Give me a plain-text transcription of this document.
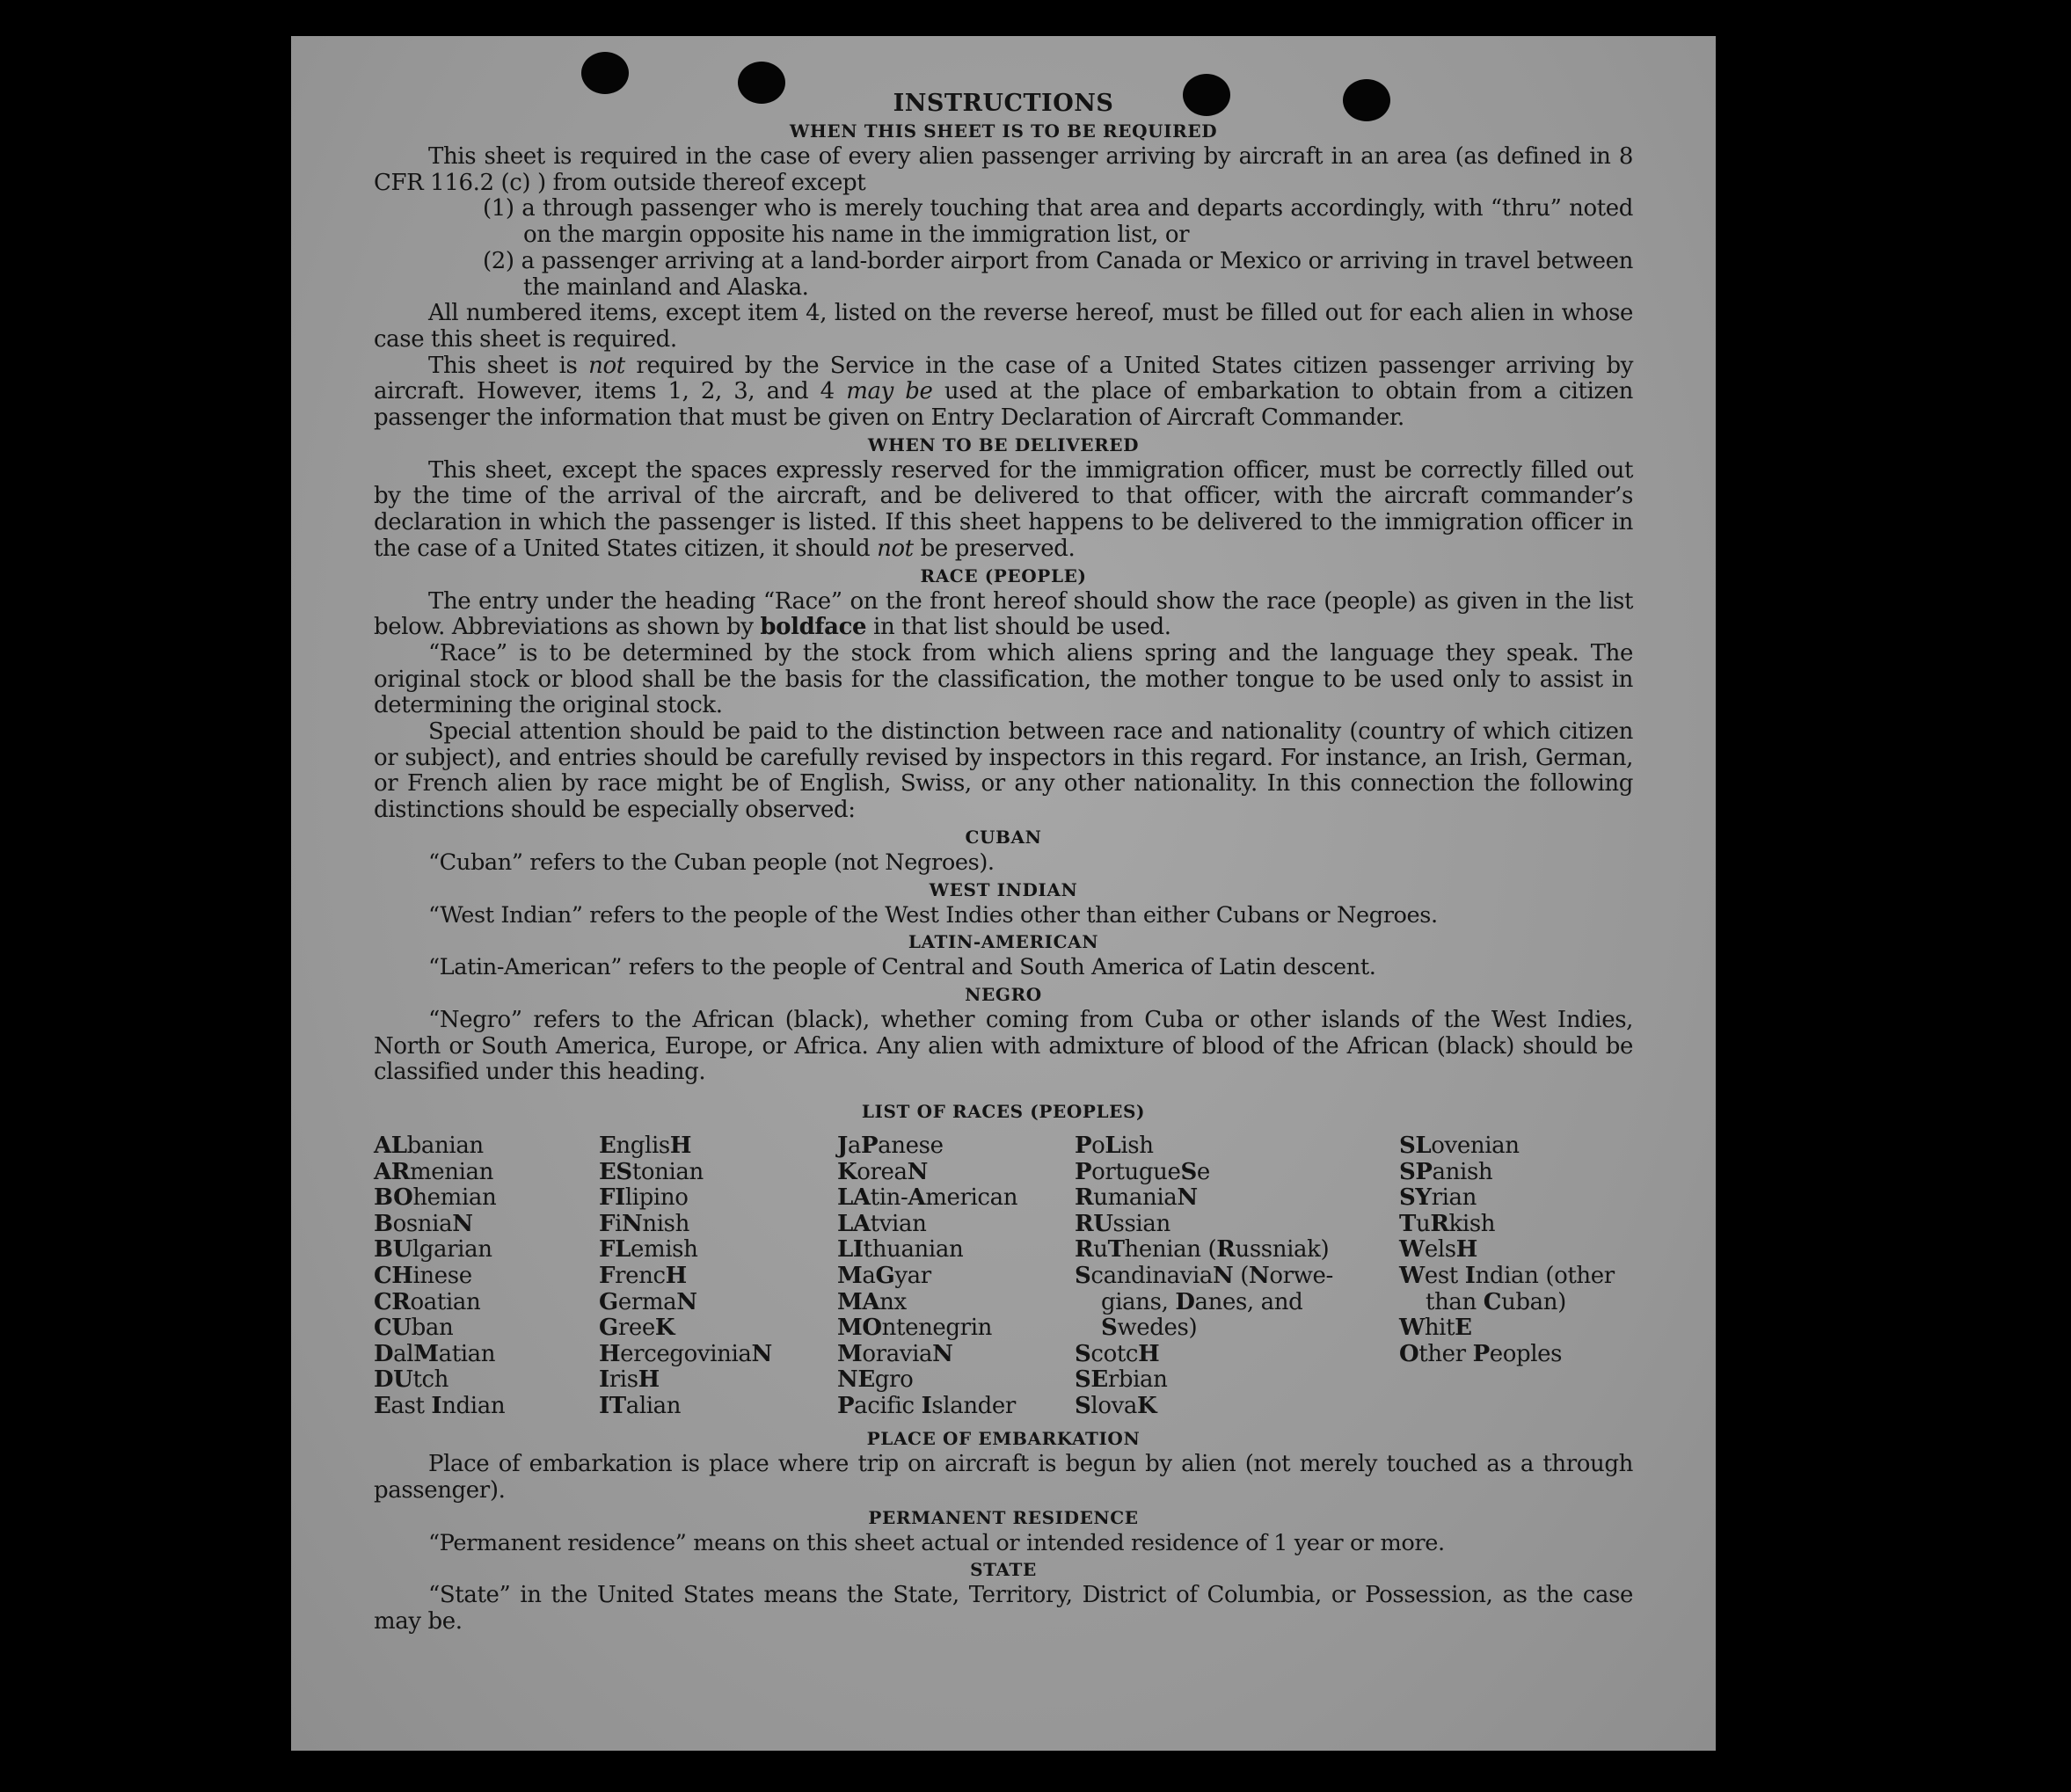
INSTRUCTIONS
WHEN THIS SHEET IS TO BE REQUIRED

This sheet is required in the case of every alien passenger arriving by aircraft in an area (as defined in 8 CFR 116.2 (c) ) from outside thereof except

(1) a through passenger who is merely touching that area and departs accordingly, with “thru” noted on the margin opposite his name in the immigration list, or
(2) a passenger arriving at a land-border airport from Canada or Mexico or arriving in travel between the mainland and Alaska.

All numbered items, except item 4, listed on the reverse hereof, must be filled out for each alien in whose case this sheet is required.

This sheet is not required by the Service in the case of a United States citizen passenger arriving by aircraft. However, items 1, 2, 3, and 4 may be used at the place of embarkation to obtain from a citizen passenger the information that must be given on Entry Declaration of Aircraft Commander.

WHEN TO BE DELIVERED

This sheet, except the spaces expressly reserved for the immigration officer, must be correctly filled out by the time of the arrival of the aircraft, and be delivered to that officer, with the aircraft commander’s declaration in which the passenger is listed. If this sheet happens to be delivered to the immigration officer in the case of a United States citizen, it should not be preserved.

RACE (PEOPLE)

The entry under the heading “Race” on the front hereof should show the race (people) as given in the list below. Abbreviations as shown by boldface in that list should be used.

“Race” is to be determined by the stock from which aliens spring and the language they speak. The original stock or blood shall be the basis for the classification, the mother tongue to be used only to assist in determining the original stock.

Special attention should be paid to the distinction between race and nationality (country of which citizen or subject), and entries should be carefully revised by inspectors in this regard. For instance, an Irish, German, or French alien by race might be of English, Swiss, or any other nationality. In this connection the following distinctions should be especially observed:

CUBAN
“Cuban” refers to the Cuban people (not Negroes).
WEST INDIAN
“West Indian” refers to the people of the West Indies other than either Cubans or Negroes.
LATIN-AMERICAN
“Latin-American” refers to the people of Central and South America of Latin descent.
NEGRO

“Negro” refers to the African (black), whether coming from Cuba or other islands of the West Indies, North or South America, Europe, or Africa. Any alien with admixture of blood of the African (black) should be classified under this heading.

LIST OF RACES (PEOPLES)
ALbanian
ARmenian
BOhemian
BosniaN
BUlgarian
CHinese
CRoatian
CUban
DalMatian
DUtch
East Indian
EnglisH
EStonian
FIlipino
FiNnish
FLemish
FrencH
GermaN
GreeK
HercegoviniaN
IrisH
ITalian
JaPanese
KoreaN
LAtin-American
LAtvian
LIthuanian
MaGyar
MAnx
MOntenegrin
MoraviaN
NEgro
Pacific Islander
PoLish
PortugueSe
RumaniaN
RUssian
RuThenian (Russniak)
ScandinaviaN (Norwe-
gians, Danes, and
Swedes)
ScotcH
SErbian
SlovaK
SLovenian
SPanish
SYrian
TuRkish
WelsH
West Indian (other
than Cuban)
WhitE
Other Peoples
PLACE OF EMBARKATION

Place of embarkation is place where trip on aircraft is begun by alien (not merely touched as a through passenger).

PERMANENT RESIDENCE
“Permanent residence” means on this sheet actual or intended residence of 1 year or more.
STATE

“State” in the United States means the State, Territory, District of Columbia, or Possession, as the case may be.
